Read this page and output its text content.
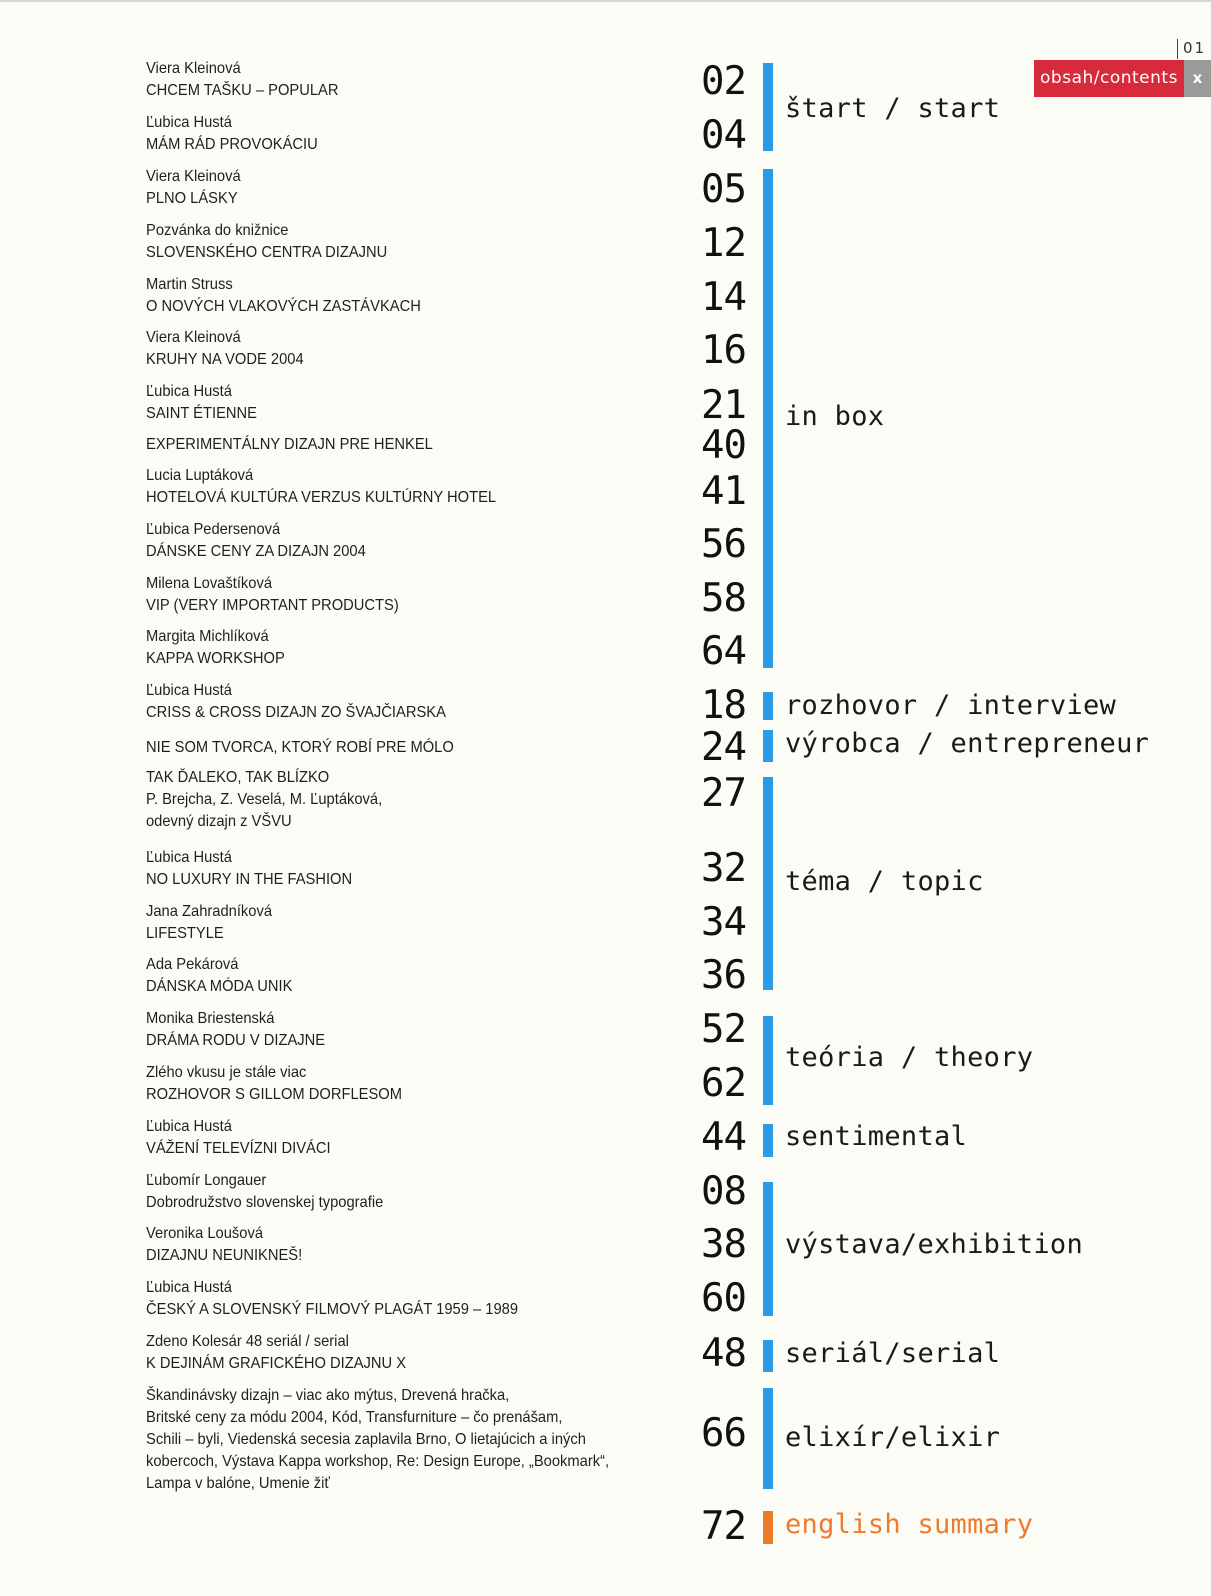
01
obsah/contents x
Viera Kleinová
CHCEM TAŠKU – POPULAR
Ľubica Hustá
MÁM RÁD PROVOKÁCIU
Viera Kleinová
PLNO LÁSKY
Pozvánka do knižnice
SLOVENSKÉHO CENTRA DIZAJNU
Martin Struss
O NOVÝCH VLAKOVÝCH ZASTÁVKACH
Viera Kleinová
KRUHY NA VODE 2004
Ľubica Hustá
SAINT ÉTIENNE
EXPERIMENTÁLNY DIZAJN PRE HENKEL
Lucia Luptáková
HOTELOVÁ KULTÚRA VERZUS KULTÚRNY HOTEL
Ľubica Pedersenová
DÁNSKE CENY ZA DIZAJN 2004
Milena Lovaštíková
VIP (VERY IMPORTANT PRODUCTS)
Margita Michlíková
KAPPA WORKSHOP
Ľubica Hustá
CRISS & CROSS DIZAJN ZO ŠVAJČIARSKA
NIE SOM TVORCA, KTORÝ ROBÍ PRE MÓLO
TAK ĎALEKO, TAK BLÍZKO
P. Brejcha, Z. Veselá, M. Ľuptáková,
odevný dizajn z VŠVU
Ľubica Hustá
NO LUXURY IN THE FASHION
Jana Zahradníková
LIFESTYLE
Ada Pekárová
DÁNSKA MÓDA UNIK
Monika Briestenská
DRÁMA RODU V DIZAJNE
Zlého vkusu je stále viac
ROZHOVOR S GILLOM DORFLESOM
Ľubica Hustá
VÁŽENÍ TELEVÍZNI DIVÁCI
Ľubomír Longauer
Dobrodružstvo slovenskej typografie
Veronika Loušová
DIZAJNU NEUNIKNEŠ!
Ľubica Hustá
ČESKÝ A SLOVENSKÝ FILMOVÝ PLAGÁT 1959 – 1989
Zdeno Kolesár 48 seriál / serial
K DEJINÁM GRAFICKÉHO DIZAJNU X
Škandinávsky dizajn – viac ako mýtus, Drevená hračka,
Britské ceny za módu 2004, Kód, Transfurniture – čo prenášam,
Schili – byli, Viedenská secesia zaplavila Brno, O lietajúcich a iných
kobercoch, Výstava Kappa workshop, Re: Design Europe, „Bookmark“,
Lampa v balóne, Umenie žiť
02
04
05
12
14
16
21
40
41
56
58
64
18
24
27
32
34
36
52
62
44
08
38
60
48
66
72
štart / start
in box
rozhovor / interview
výrobca / entrepreneur
téma / topic
teória / theory
sentimental
výstava/exhibition
seriál/serial
elixír/elixir
english summary
